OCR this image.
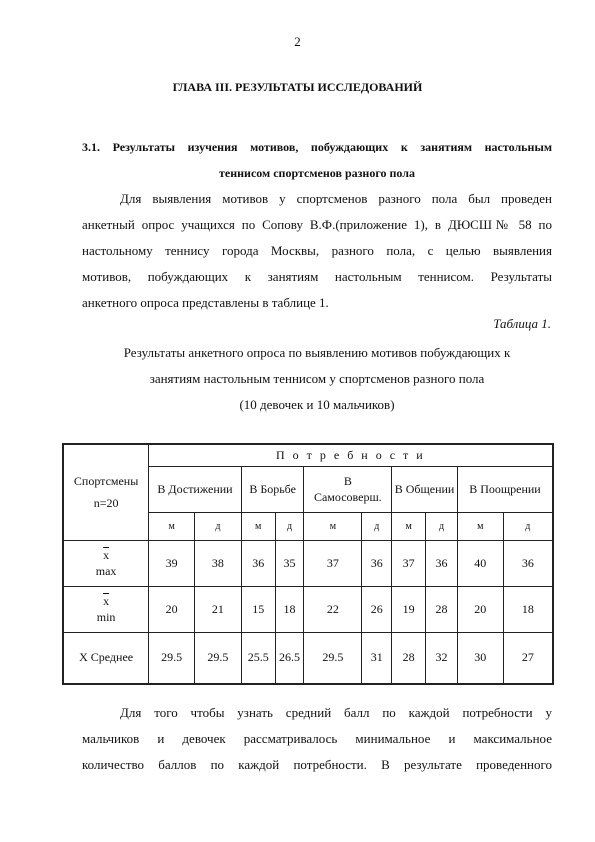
2
ГЛАВА III. РЕЗУЛЬТАТЫ ИССЛЕДОВАНИЙ
3.1. Результаты изучения мотивов, побуждающих к занятиям настольным
теннисом спортсменов разного пола
Для выявления мотивов у спортсменов разного пола был проведен
анкетный опрос учащихся по Сопову В.Ф.(приложение 1), в ДЮСШ№ 58 по
настольному теннису города Москвы, разного пола, с целью выявления
мотивов, побуждающих к занятиям настольным теннисом. Результаты
анкетного опроса представлены в таблице 1.
Таблица 1.
Результаты анкетного опроса по выявлению мотивов побуждающих к
занятиям настольным теннисом у спортсменов разного пола
(10 девочек и 10 мальчиков)
Спортсмены
n=20	П о т р е б н о с т и									

	В Достижении		В Борьбе		В
Самосоверш.		В Общении		В Поощрении	

	м	д	м	д	м	д	м	д	м	д
$\overline{x}$
max	39	38	36	35	37	36	37	36	40	36
$\overline{x}$
min	20	21	15	18	22	26	19	28	20	18
X Среднее	29.5	29.5	25.5	26.5	29.5	31	28	32	30	27
Для того чтобы узнать средний балл по каждой потребности у
мальчиков и девочек рассматривалось минимальное и максимальное
количество баллов по каждой потребности. В результате проведенного
